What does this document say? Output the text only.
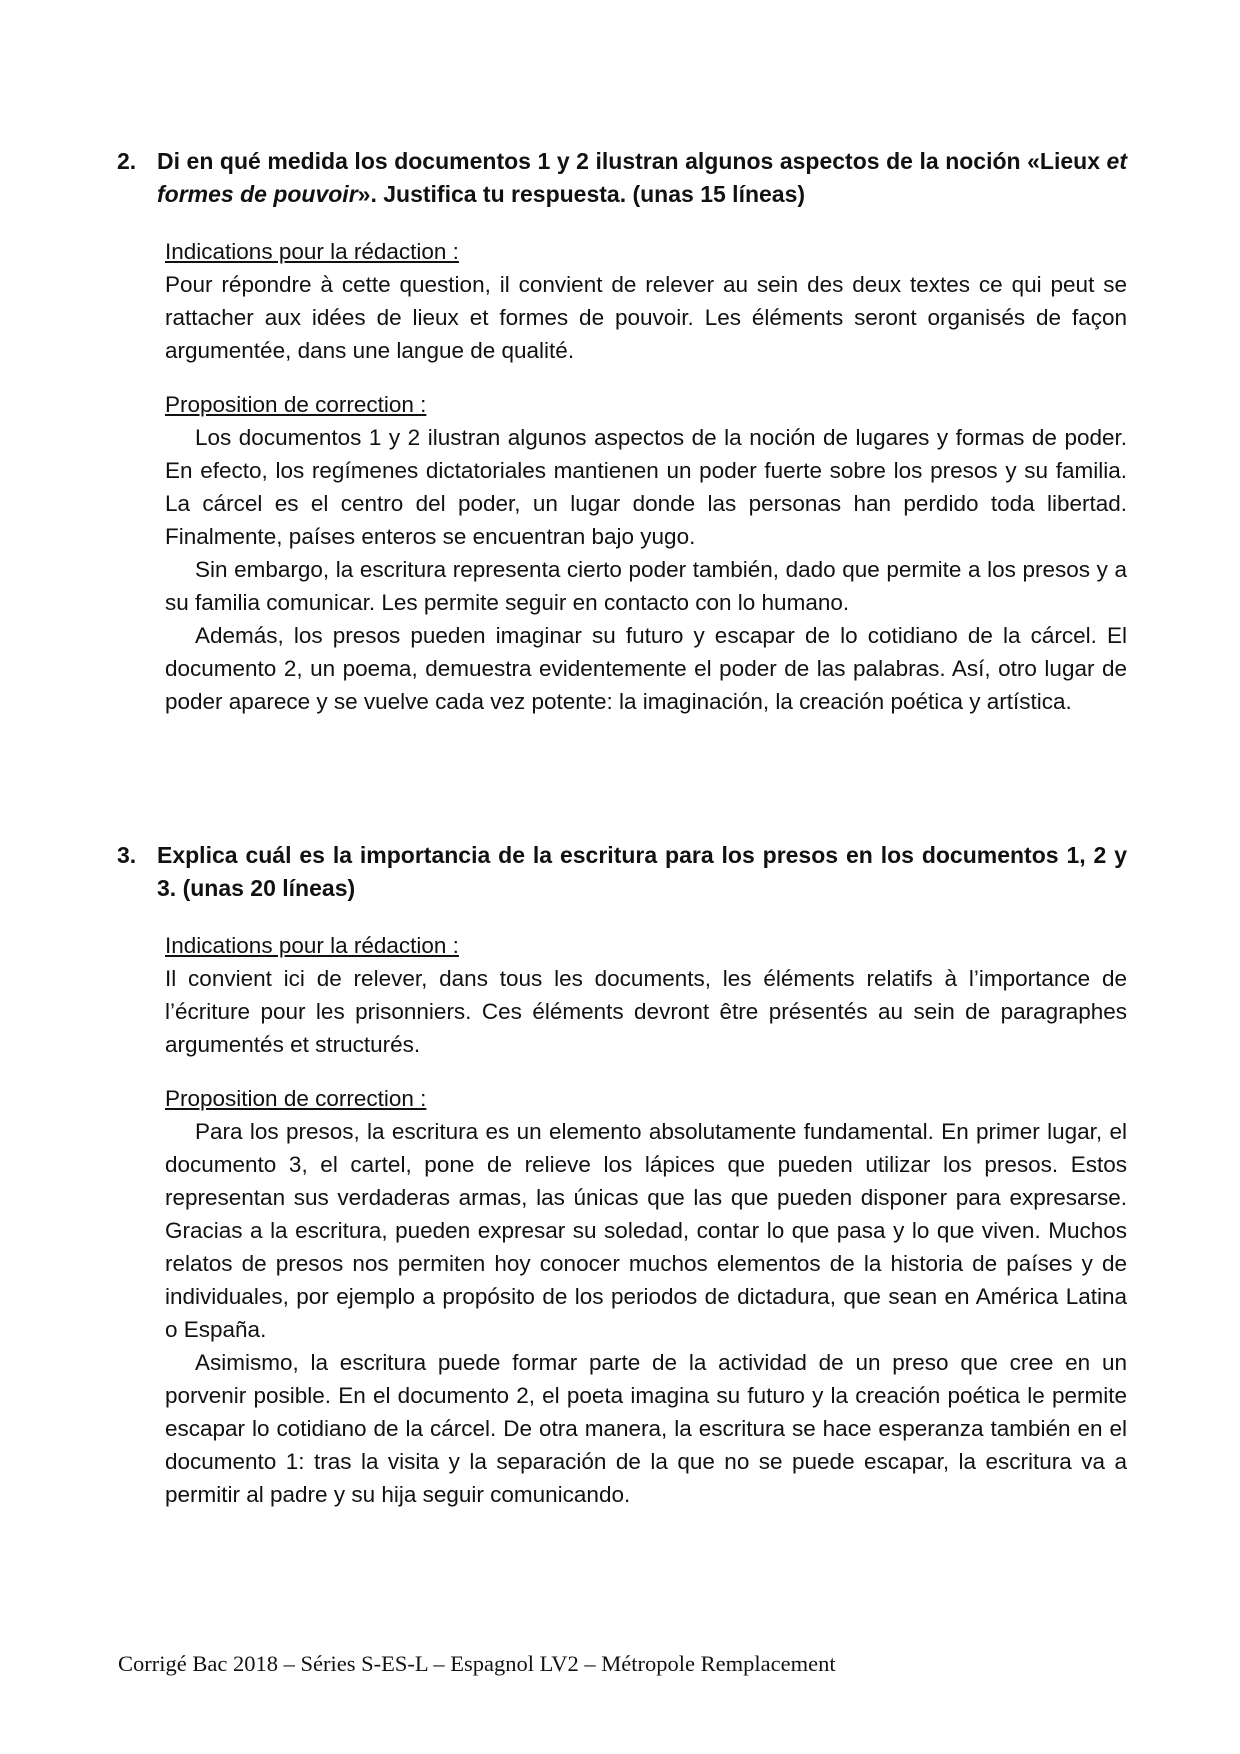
2. Di en qué medida los documentos 1 y 2 ilustran algunos aspectos de la noción «Lieux et formes de pouvoir». Justifica tu respuesta. (unas 15 líneas)
Indications pour la rédaction :

Pour répondre à cette question, il convient de relever au sein des deux textes ce qui peut se rattacher aux idées de lieux et formes de pouvoir. Les éléments seront organisés de façon argumentée, dans une langue de qualité.

Proposition de correction :

Los documentos 1 y 2 ilustran algunos aspectos de la noción de lugares y formas de poder. En efecto, los regímenes dictatoriales mantienen un poder fuerte sobre los presos y su familia. La cárcel es el centro del poder, un lugar donde las personas han perdido toda libertad. Finalmente, países enteros se encuentran bajo yugo.

Sin embargo, la escritura representa cierto poder también, dado que permite a los presos y a su familia comunicar. Les permite seguir en contacto con lo humano.

Además, los presos pueden imaginar su futuro y escapar de lo cotidiano de la cárcel. El documento 2, un poema, demuestra evidentemente el poder de las palabras. Así, otro lugar de poder aparece y se vuelve cada vez potente: la imaginación, la creación poética y artística.

3. Explica cuál es la importancia de la escritura para los presos en los documentos 1, 2 y 3. (unas 20 líneas)
Indications pour la rédaction :

Il convient ici de relever, dans tous les documents, les éléments relatifs à l’importance de l’écriture pour les prisonniers. Ces éléments devront être présentés au sein de paragraphes argumentés et structurés.

Proposition de correction :

Para los presos, la escritura es un elemento absolutamente fundamental. En primer lugar, el documento 3, el cartel, pone de relieve los lápices que pueden utilizar los presos. Estos representan sus verdaderas armas, las únicas que las que pueden disponer para expresarse. Gracias a la escritura, pueden expresar su soledad, contar lo que pasa y lo que viven. Muchos relatos de presos nos permiten hoy conocer muchos elementos de la historia de países y de individuales, por ejemplo a propósito de los periodos de dictadura, que sean en América Latina o España.

Asimismo, la escritura puede formar parte de la actividad de un preso que cree en un porvenir posible. En el documento 2, el poeta imagina su futuro y la creación poética le permite escapar lo cotidiano de la cárcel. De otra manera, la escritura se hace esperanza también en el documento 1: tras la visita y la separación de la que no se puede escapar, la escritura va a permitir al padre y su hija seguir comunicando.

Corrigé Bac 2018 – Séries S-ES-L – Espagnol LV2 – Métropole Remplacement
